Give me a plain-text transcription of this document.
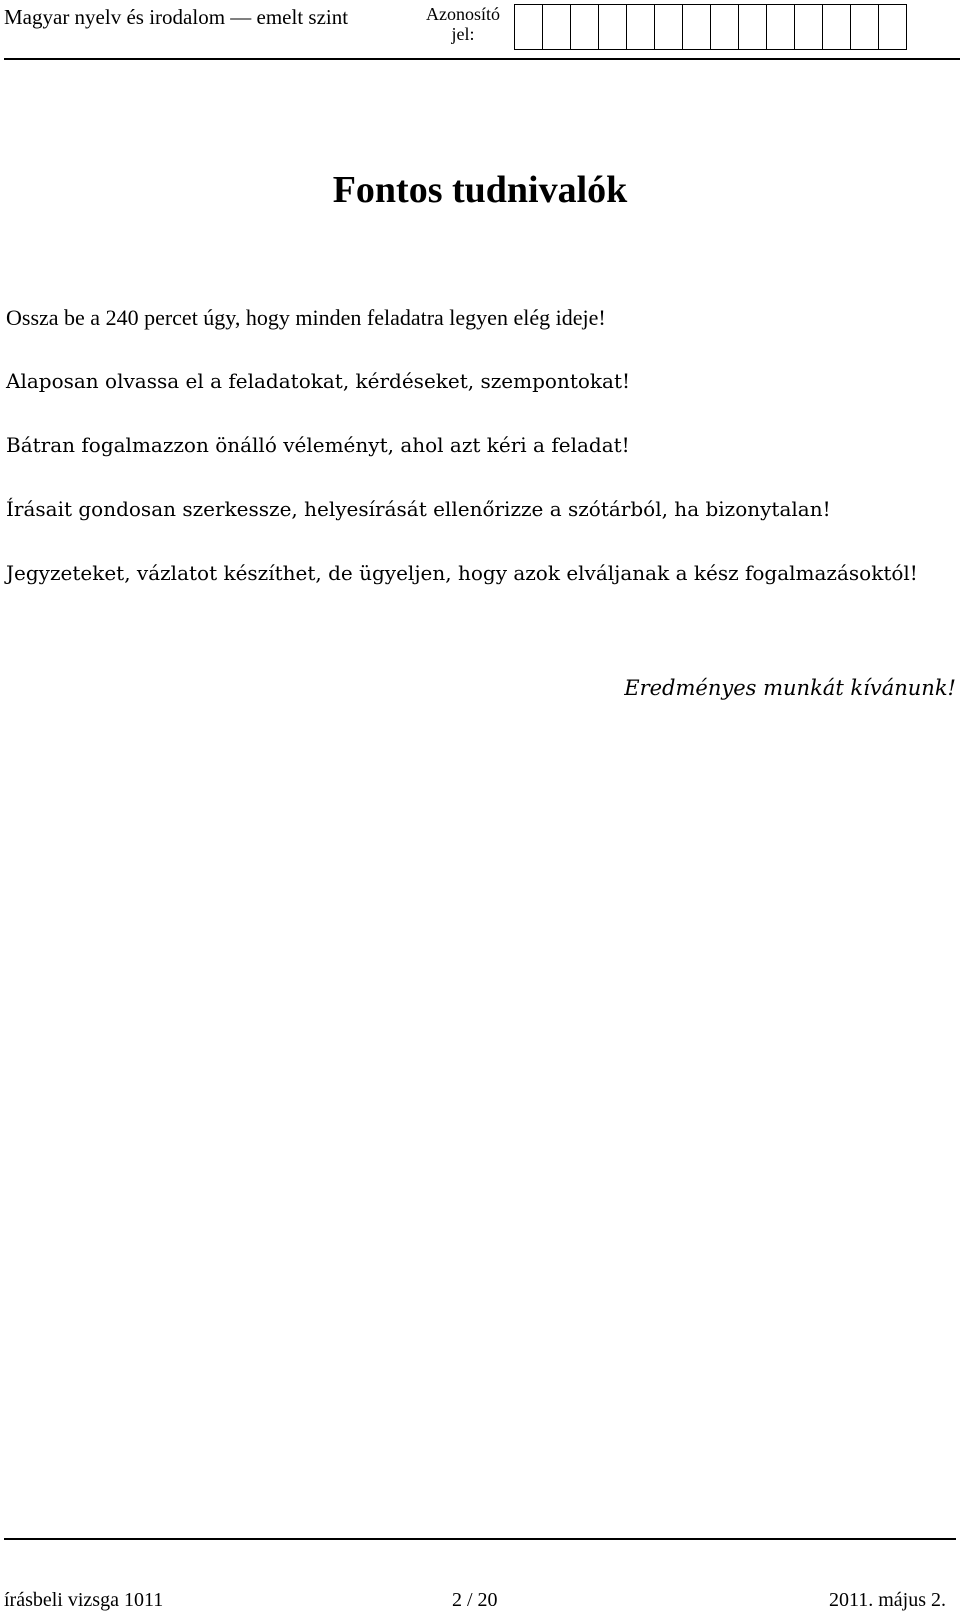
Magyar nyelv és irodalom — emelt szint	Azonosító jel:
Fontos tudnivalók
Ossza be a 240 percet úgy, hogy minden feladatra legyen elég ideje!
Alaposan olvassa el a feladatokat, kérdéseket, szempontokat!
Bátran fogalmazzon önálló véleményt, ahol azt kéri a feladat!
Írásait gondosan szerkessze, helyesírását ellenőrizze a szótárból, ha bizonytalan!
Jegyzeteket, vázlatot készíthet, de ügyeljen, hogy azok elváljanak a kész fogalmazásoktól!
Eredményes munkát kívánunk!
írásbeli vizsga 1011	2 / 20	2011. május 2.
